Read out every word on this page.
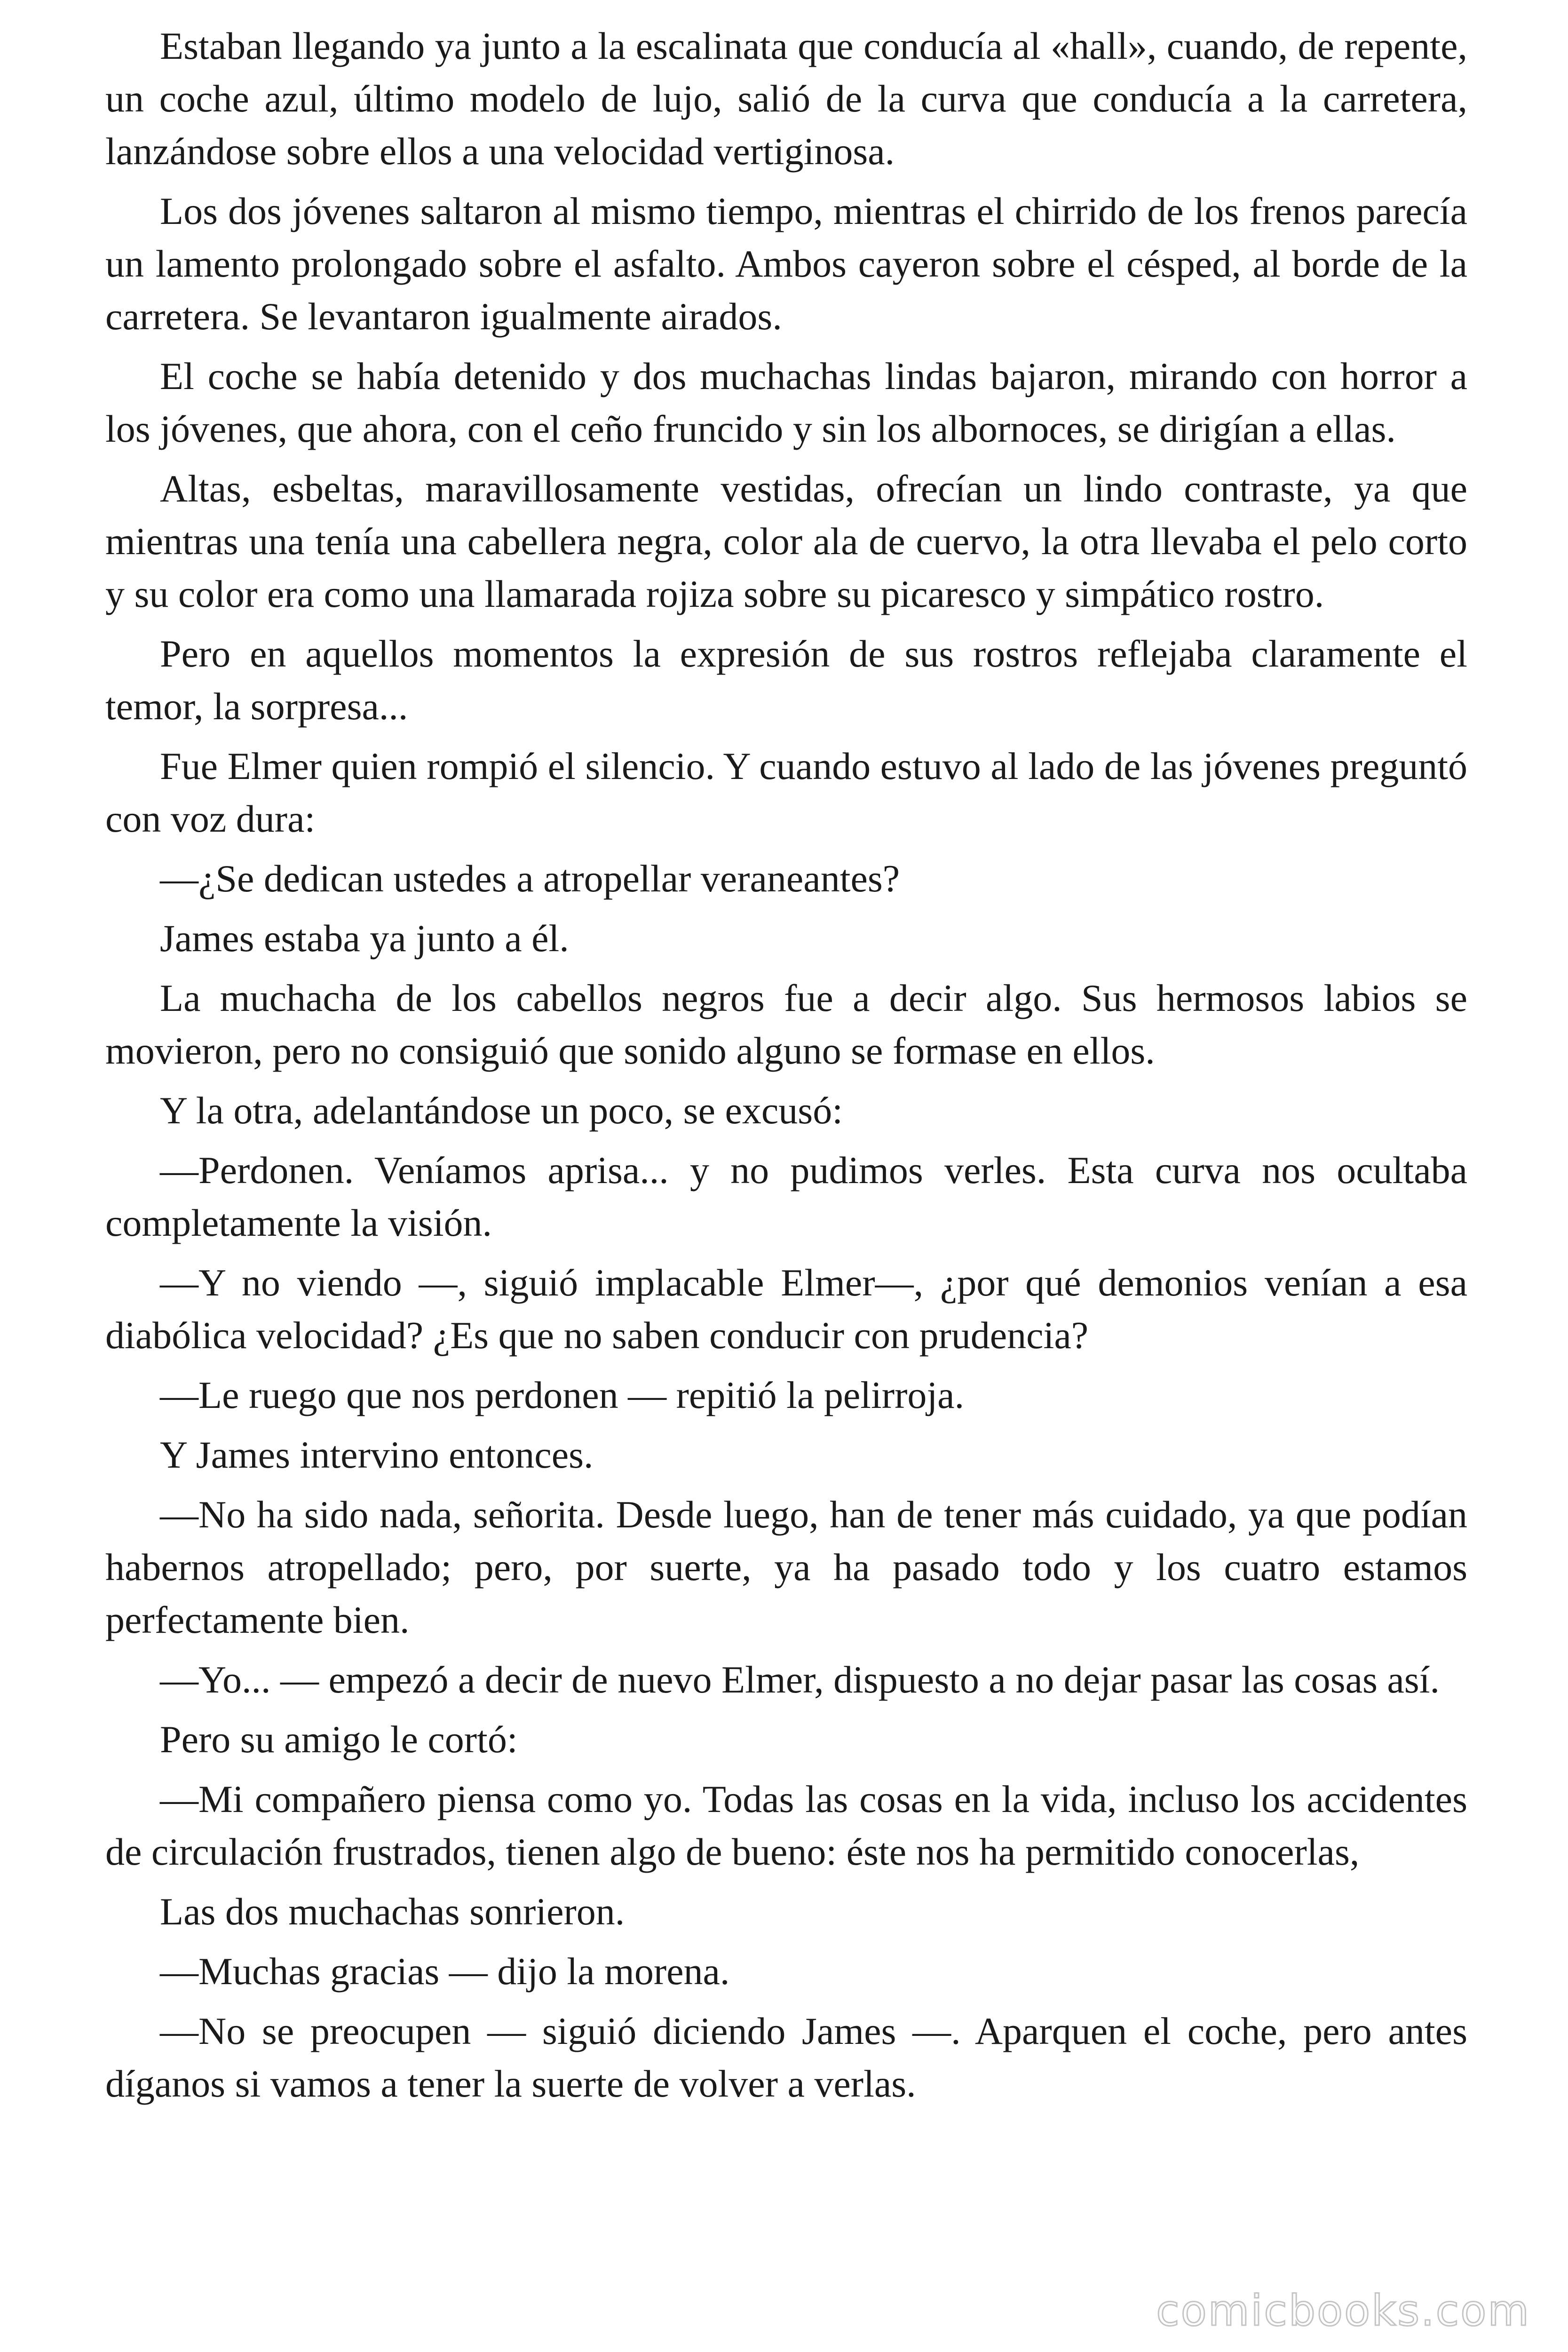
Estaban llegando ya junto a la escalinata que conducía al «hall», cuando, de repente, un coche azul, último modelo de lujo, salió de la curva que conducía a la carretera, lanzándose sobre ellos a una velocidad vertiginosa.

Los dos jóvenes saltaron al mismo tiempo, mientras el chirrido de los frenos parecía un lamento prolongado sobre el asfalto. Ambos cayeron sobre el césped, al borde de la carretera. Se levantaron igualmente airados.

El coche se había detenido y dos muchachas lindas bajaron, mirando con horror a los jóvenes, que ahora, con el ceño fruncido y sin los albornoces, se dirigían a ellas.

Altas, esbeltas, maravillosamente vestidas, ofrecían un lindo contraste, ya que mientras una tenía una cabellera negra, color ala de cuervo, la otra llevaba el pelo corto y su color era como una llamarada rojiza sobre su picaresco y simpático rostro.

Pero en aquellos momentos la expresión de sus rostros reflejaba claramente el temor, la sorpresa...

Fue Elmer quien rompió el silencio. Y cuando estuvo al lado de las jóvenes preguntó con voz dura:

—¿Se dedican ustedes a atropellar veraneantes?

James estaba ya junto a él.

La muchacha de los cabellos negros fue a decir algo. Sus hermosos labios se movieron, pero no consiguió que sonido alguno se formase en ellos.

Y la otra, adelantándose un poco, se excusó:

—Perdonen. Veníamos aprisa... y no pudimos verles. Esta curva nos ocultaba completamente la visión.

—Y no viendo —, siguió implacable Elmer—, ¿por qué demonios venían a esa diabólica velocidad? ¿Es que no saben conducir con prudencia?

—Le ruego que nos perdonen — repitió la pelirroja.

Y James intervino entonces.

—No ha sido nada, señorita. Desde luego, han de tener más cuidado, ya que podían habernos atropellado; pero, por suerte, ya ha pasado todo y los cuatro estamos perfectamente bien.

—Yo... — empezó a decir de nuevo Elmer, dispuesto a no dejar pasar las cosas así.

Pero su amigo le cortó:

—Mi compañero piensa como yo. Todas las cosas en la vida, incluso los accidentes de circulación frustrados, tienen algo de bueno: éste nos ha permitido conocerlas,

Las dos muchachas sonrieron.

—Muchas gracias — dijo la morena.

—No se preocupen — siguió diciendo James —. Aparquen el coche, pero antes díganos si vamos a tener la suerte de volver a verlas.

comicbooks.com
